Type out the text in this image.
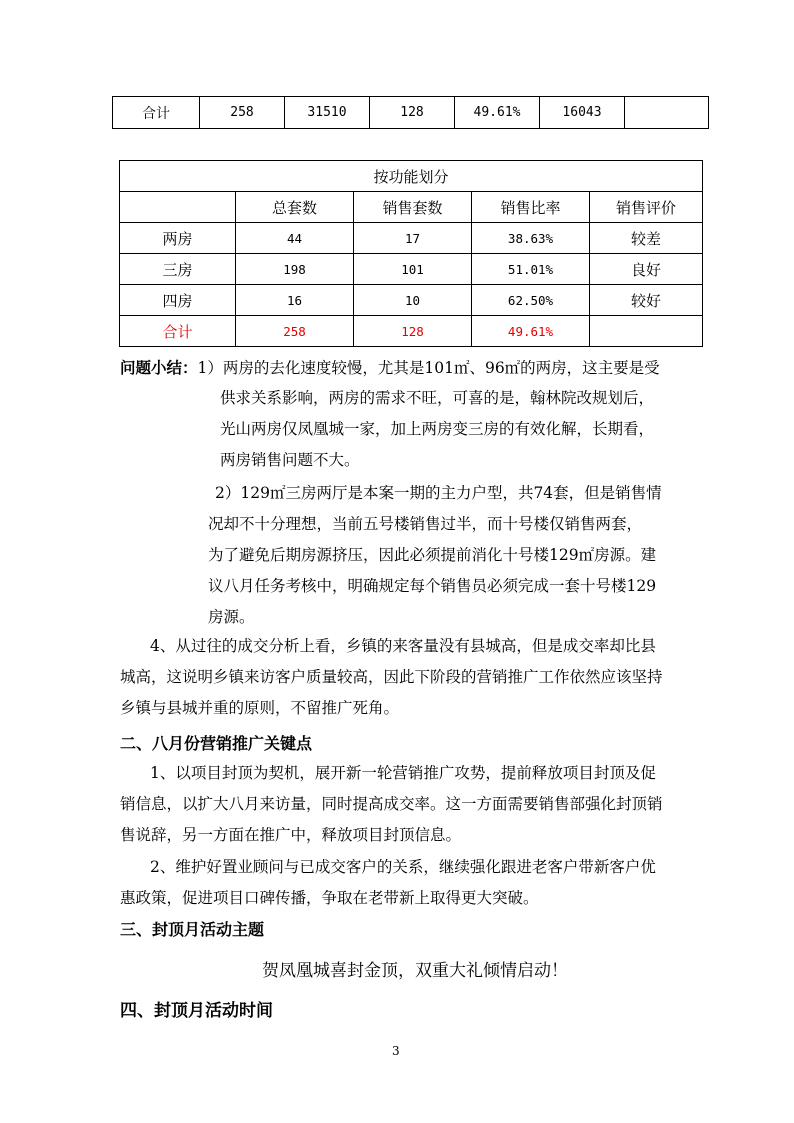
合计	258	31510	128	49.61%	16043	
按功能划分				
	总套数	销售套数	销售比率	销售评价
两房	44	17	38.63%	较差
三房	198	101	51.01%	良好
四房	16	10	62.50%	较好
合计	258	128	49.61%	
问题小结：1）两房的去化速度较慢，尤其是101㎡、96㎡的两房，这主要是受
供求关系影响，两房的需求不旺，可喜的是，翰林院改规划后，
光山两房仅凤凰城一家，加上两房变三房的有效化解，长期看，
两房销售问题不大。
2）129㎡三房两厅是本案一期的主力户型，共74套，但是销售情
况却不十分理想，当前五号楼销售过半，而十号楼仅销售两套，
为了避免后期房源挤压，因此必须提前消化十号楼129㎡房源。建
议八月任务考核中，明确规定每个销售员必须完成一套十号楼129
房源。
4、从过往的成交分析上看，乡镇的来客量没有县城高，但是成交率却比县
城高，这说明乡镇来访客户质量较高，因此下阶段的营销推广工作依然应该坚持
乡镇与县城并重的原则，不留推广死角。
二、八月份营销推广关键点
1、以项目封顶为契机，展开新一轮营销推广攻势，提前释放项目封顶及促
销信息，以扩大八月来访量，同时提高成交率。这一方面需要销售部强化封顶销
售说辞，另一方面在推广中，释放项目封顶信息。
2、维护好置业顾问与已成交客户的关系，继续强化跟进老客户带新客户优
惠政策，促进项目口碑传播，争取在老带新上取得更大突破。
三、封顶月活动主题
贺凤凰城喜封金顶，双重大礼倾情启动！
四、封顶月活动时间
3
